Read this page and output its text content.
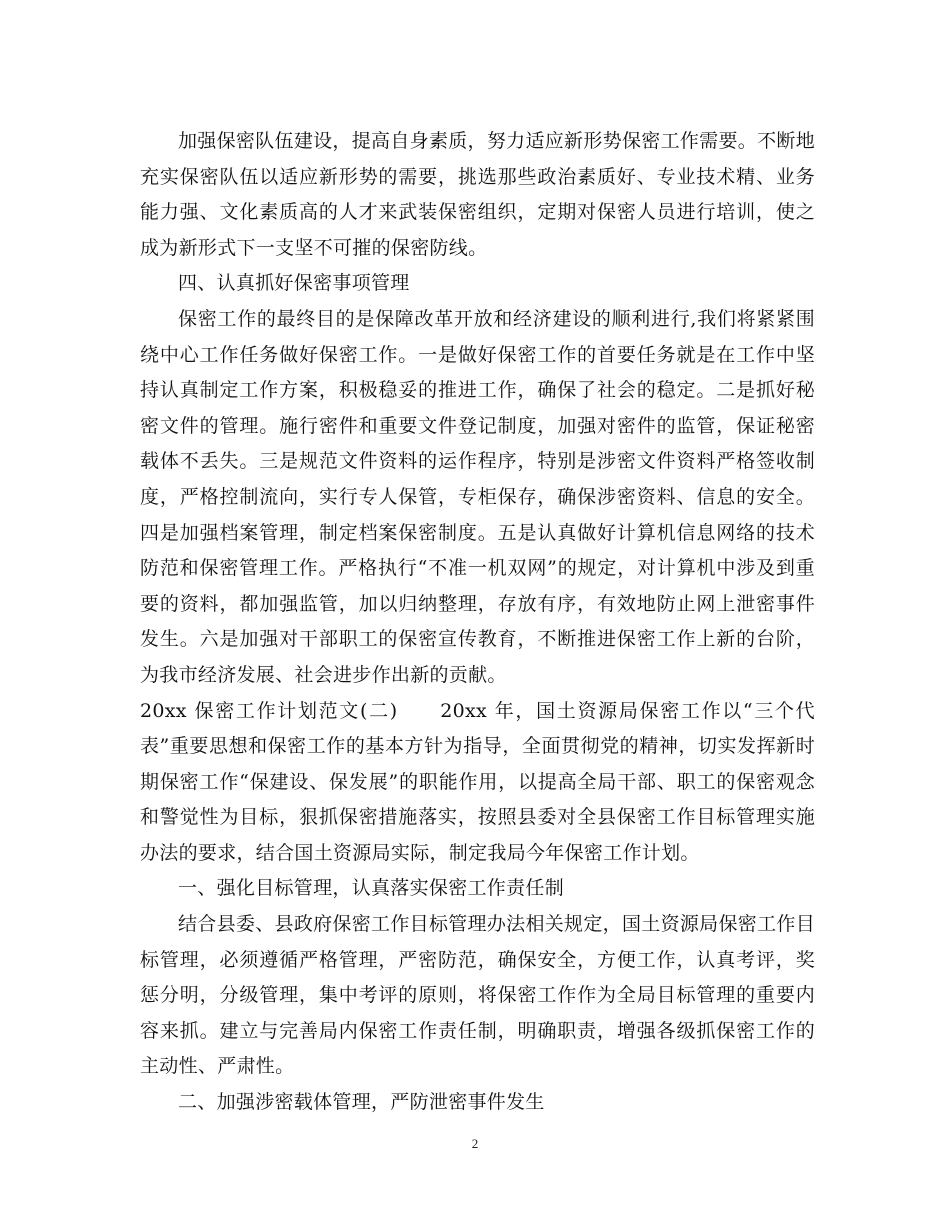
加强保密队伍建设，提高自身素质，努力适应新形势保密工作需要。不断地充实保密队伍以适应新形势的需要，挑选那些政治素质好、专业技术精、业务能力强、文化素质高的人才来武装保密组织，定期对保密人员进行培训，使之成为新形式下一支坚不可摧的保密防线。

四、认真抓好保密事项管理

保密工作的最终目的是保障改革开放和经济建设的顺利进行,我们将紧紧围绕中心工作任务做好保密工作。一是做好保密工作的首要任务就是在工作中坚持认真制定工作方案，积极稳妥的推进工作，确保了社会的稳定。二是抓好秘密文件的管理。施行密件和重要文件登记制度，加强对密件的监管，保证秘密载体不丢失。三是规范文件资料的运作程序，特别是涉密文件资料严格签收制度，严格控制流向，实行专人保管，专柜保存，确保涉密资料、信息的安全。四是加强档案管理，制定档案保密制度。五是认真做好计算机信息网络的技术防范和保密管理工作。严格执行“不准一机双网”的规定，对计算机中涉及到重要的资料，都加强监管，加以归纳整理，存放有序，有效地防止网上泄密事件发生。六是加强对干部职工的保密宣传教育，不断推进保密工作上新的台阶，为我市经济发展、社会进步作出新的贡献。

20xx 保密工作计划范文(二)　　20xx 年，国土资源局保密工作以“三个代表”重要思想和保密工作的基本方针为指导，全面贯彻党的精神，切实发挥新时期保密工作“保建设、保发展”的职能作用，以提高全局干部、职工的保密观念和警觉性为目标，狠抓保密措施落实，按照县委对全县保密工作目标管理实施办法的要求，结合国土资源局实际，制定我局今年保密工作计划。

一、强化目标管理，认真落实保密工作责任制

结合县委、县政府保密工作目标管理办法相关规定，国土资源局保密工作目标管理，必须遵循严格管理，严密防范，确保安全，方便工作，认真考评，奖惩分明，分级管理，集中考评的原则，将保密工作作为全局目标管理的重要内容来抓。建立与完善局内保密工作责任制，明确职责，增强各级抓保密工作的主动性、严肃性。

二、加强涉密载体管理，严防泄密事件发生

2
